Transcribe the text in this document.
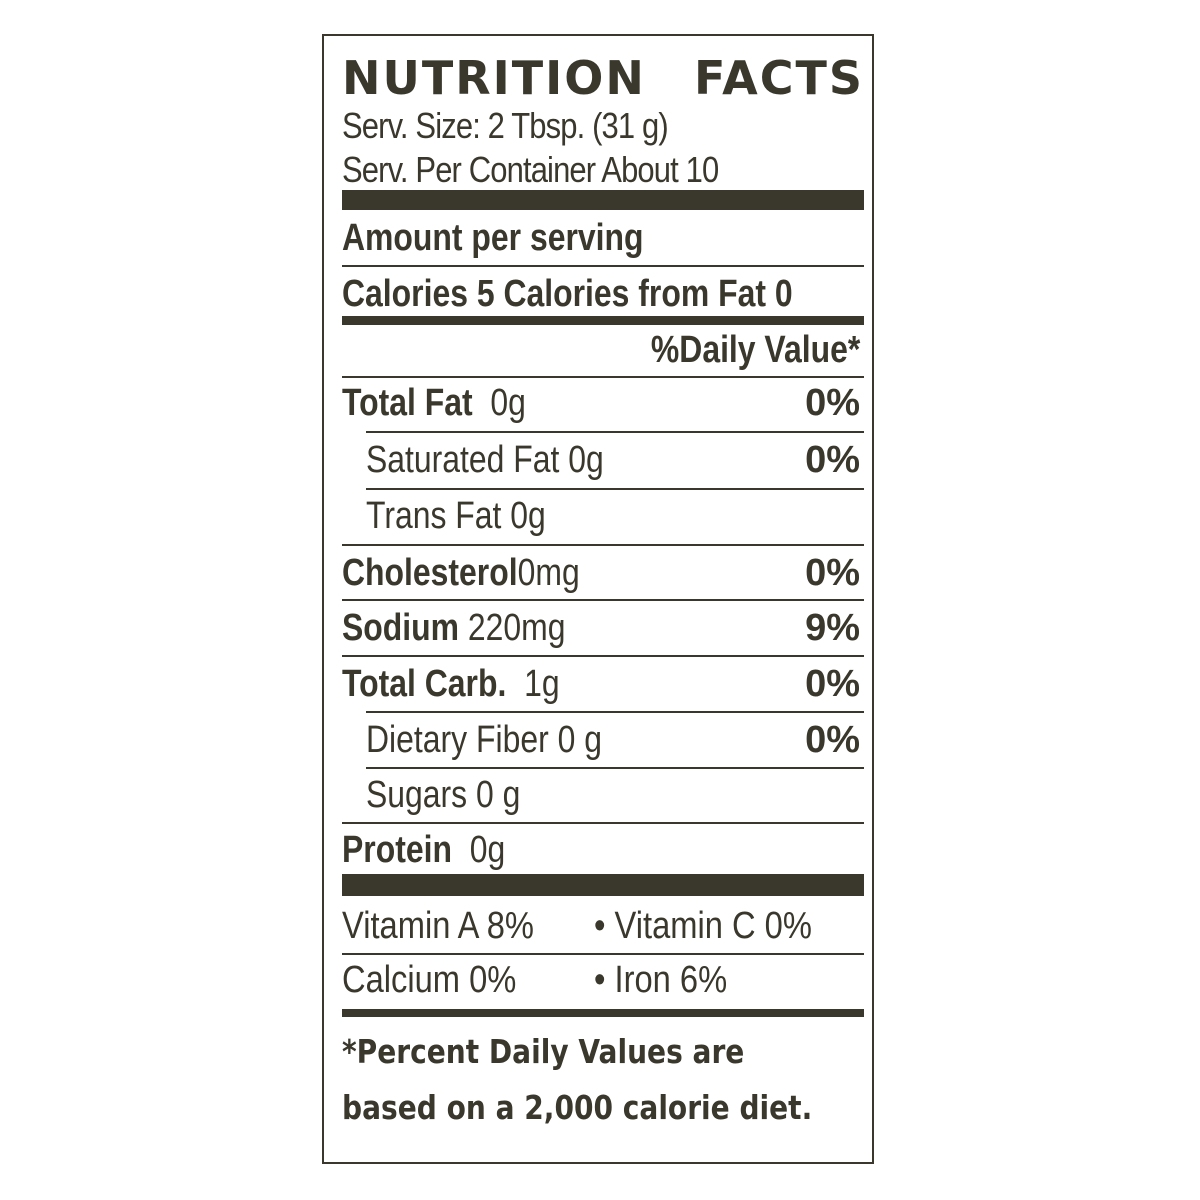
NUTRITION FACTS
Serv. Size: 2 Tbsp. (31 g)
Serv. Per Container About 10
Amount per serving
Calories 5 Calories from Fat 0
%Daily Value*
Total Fat 0g	0%
Saturated Fat 0g	0%
Trans Fat 0g
Cholesterol0mg	0%
Sodium 220mg	9%
Total Carb. 1g	0%
Dietary Fiber 0 g	0%
Sugars 0 g
Protein 0g
Vitamin A 8%	• Vitamin C 0%
Calcium 0%	• Iron 6%
*Percent Daily Values are
based on a 2,000 calorie diet.
